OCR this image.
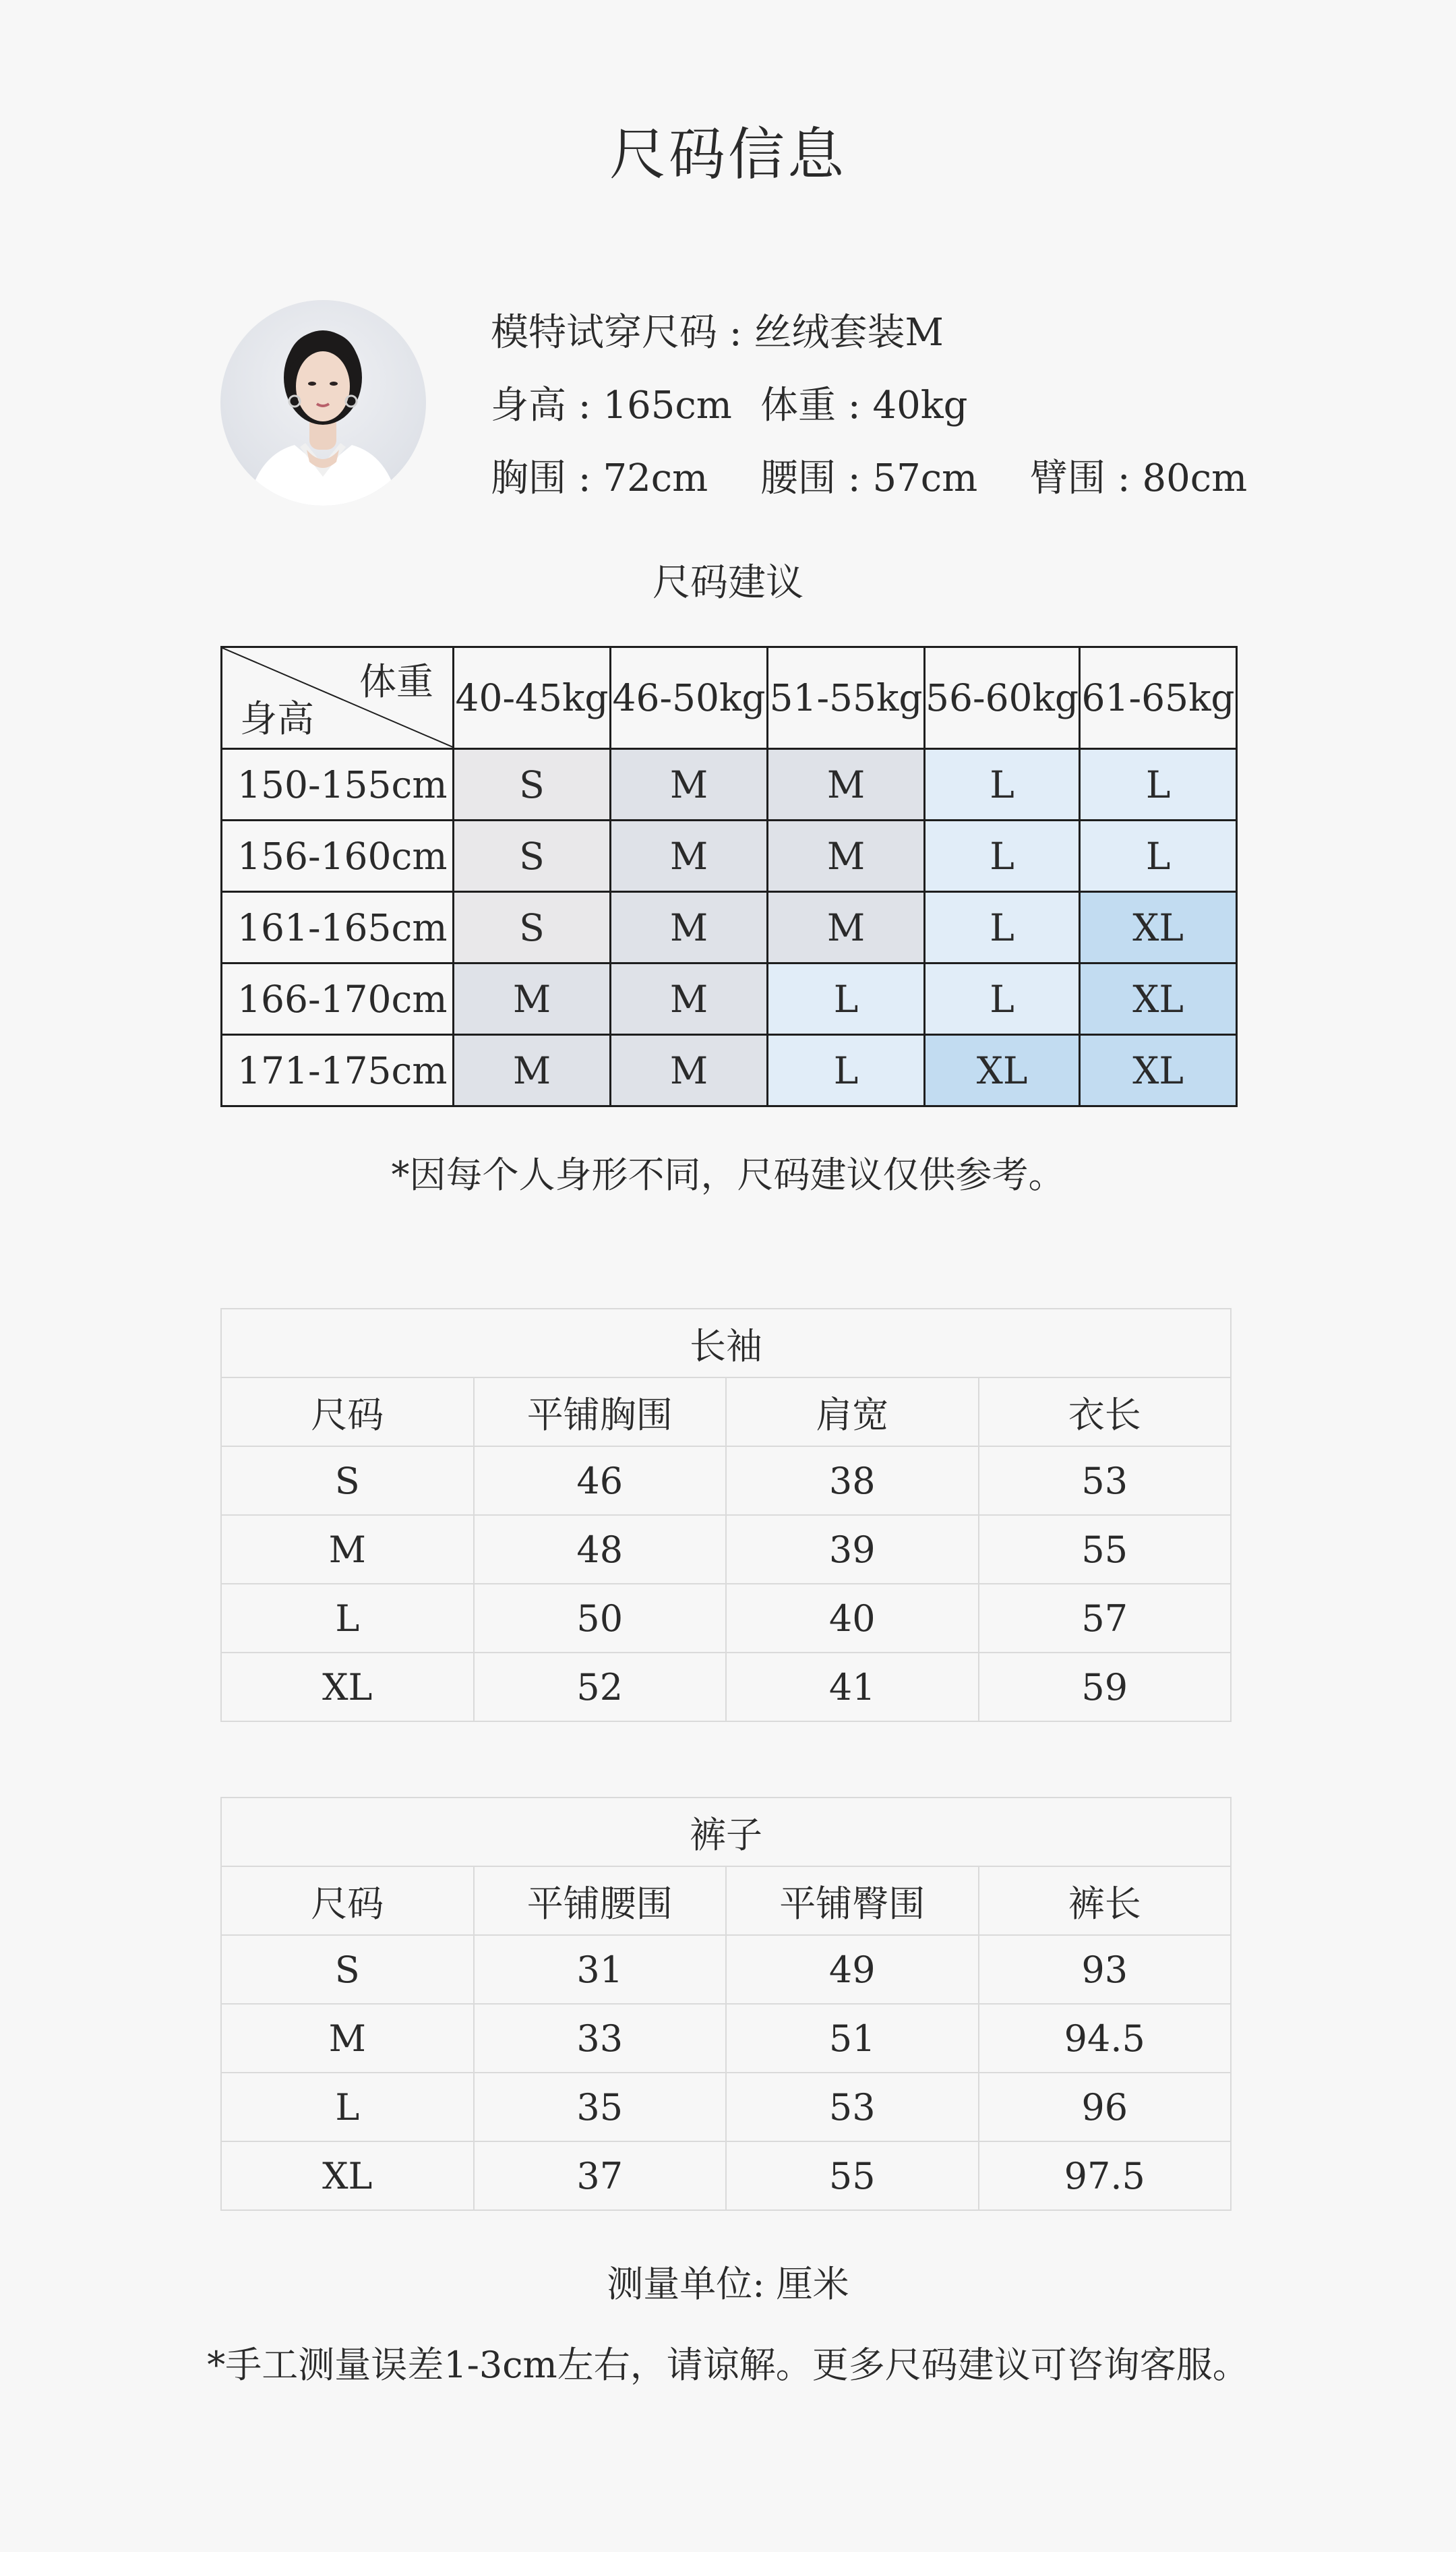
尺码信息
模特试穿尺码 : 丝绒套装M
身高 : 165cm 体重 : 40kg
胸围 : 72cm	腰围 : 57cm	臂围 : 80cm
尺码建议
体重
身高	40-45kg	46-50kg	51-55kg	56-60kg	61-65kg
150-155cm	S	M	M	L	L
156-160cm	S	M	M	L	L
161-165cm	S	M	M	L	XL
166-170cm	M	M	L	L	XL
171-175cm	M	M	L	XL	XL
*因每个人身形不同，尺码建议仅供参考。
长袖			
尺码	平铺胸围	肩宽	衣长
S	46	38	53
M	48	39	55
L	50	40	57
XL	52	41	59
裤子			
尺码	平铺腰围	平铺臀围	裤长
S	31	49	93
M	33	51	94.5
L	35	53	96
XL	37	55	97.5
测量单位: 厘米
*手工测量误差1-3cm左右，请谅解。更多尺码建议可咨询客服。
